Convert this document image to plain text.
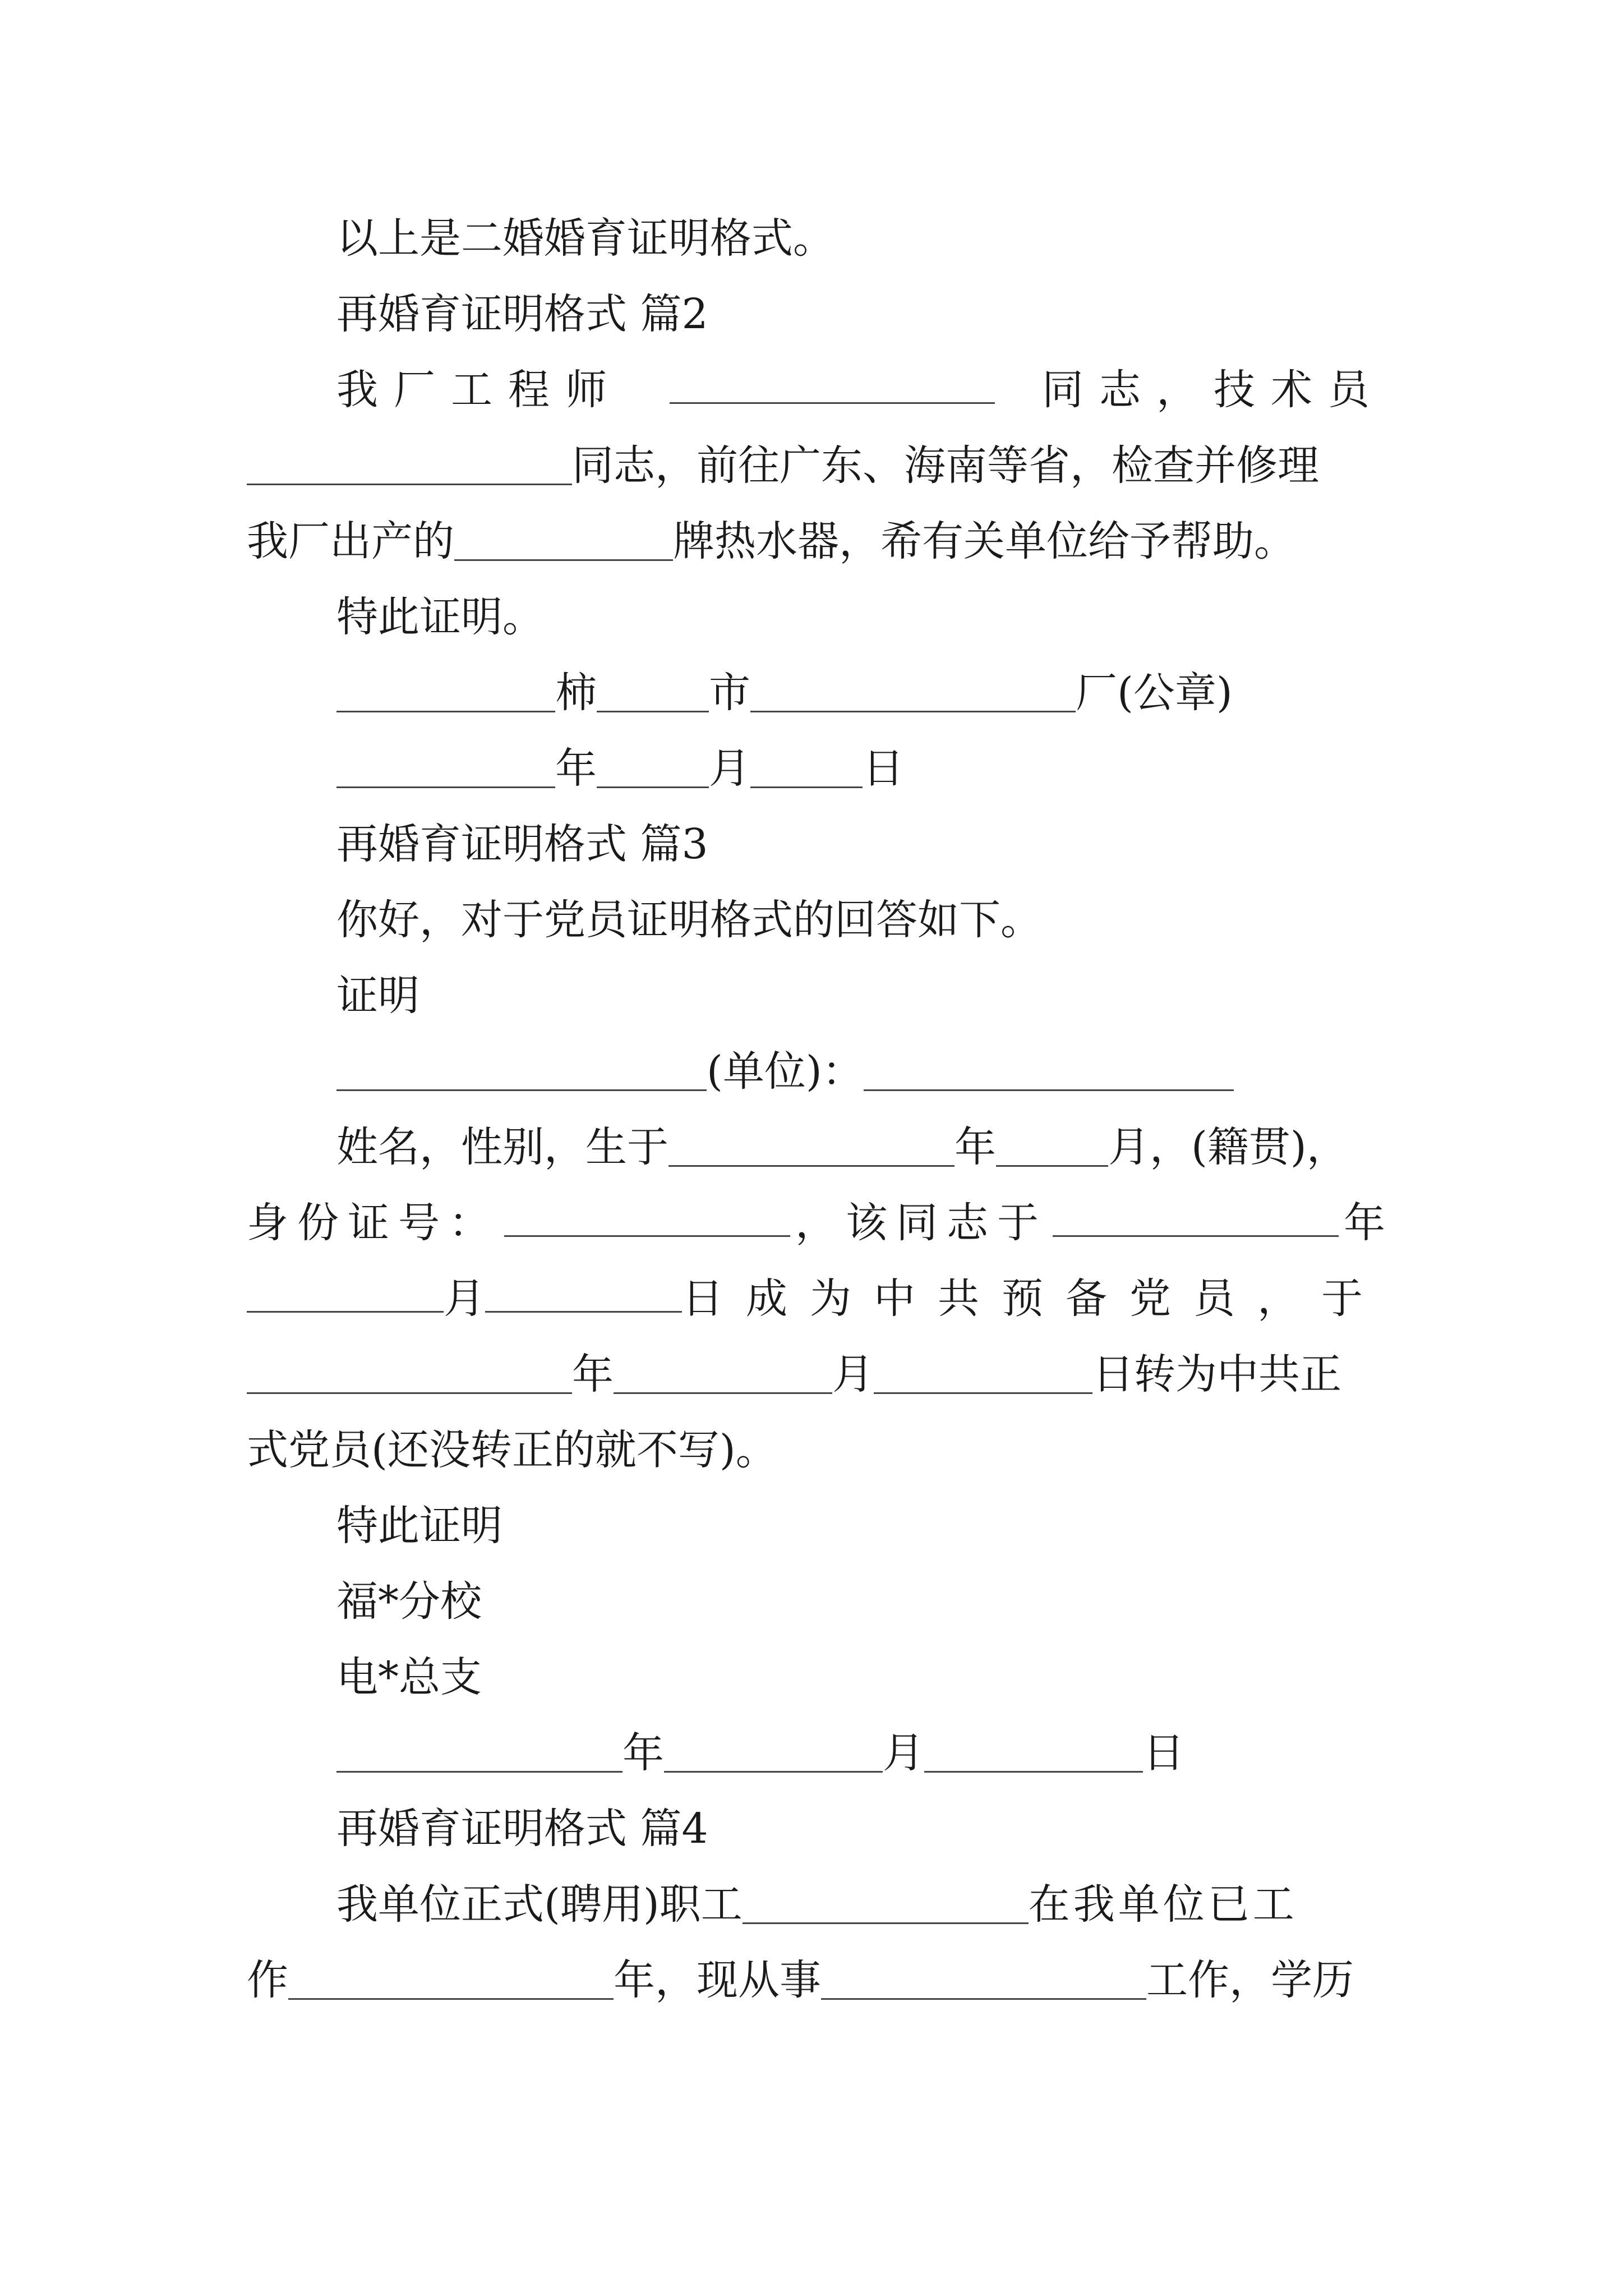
以上是二婚婚育证明格式。
再婚育证明格式 篇2
我厂工程师	同志，技术员
同志，前往广东、海南等省，检查并修理
我厂出产的	牌热水器，希有关单位给予帮助。
特此证明。
柿	市	厂(公章)
年	月	日
再婚育证明格式 篇3
你好，对于党员证明格式的回答如下。
证明
(单位)：
姓名，性别，生于	年	月，(籍贯)，
身份证号：	，该同志于	年
月	日成为中共预备党员，于
年	月	日转为中共正
式党员(还没转正的就不写)。
特此证明
福*分校
电*总支
年	月	日
再婚育证明格式 篇4
我单位正式(聘用)职工	在我单位已工
作	年，现从事	工作，学历
